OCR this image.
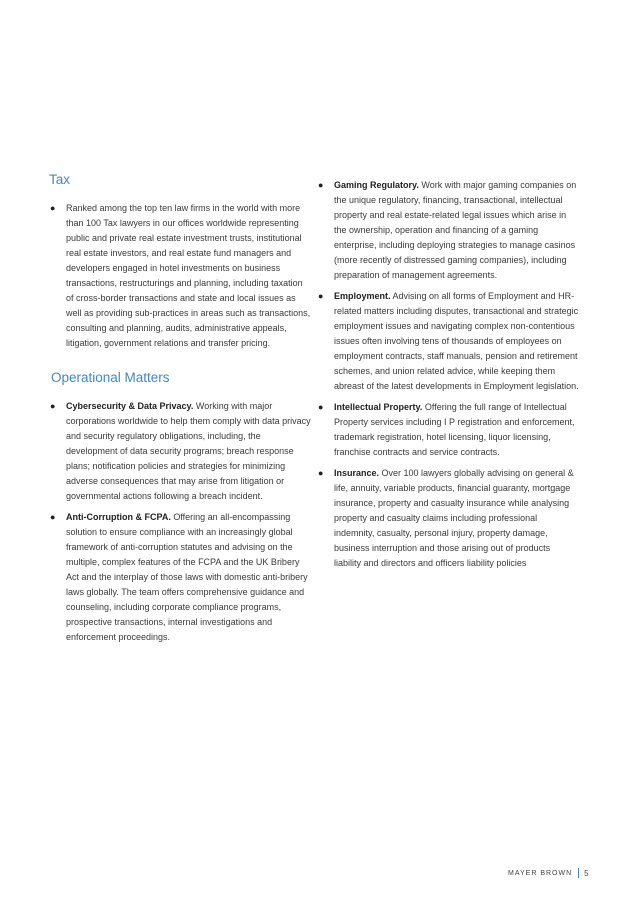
Tax
● Ranked among the top ten law firms in the world with more than 100 Tax lawyers in our offices worldwide representing public and private real estate investment trusts, institutional real estate investors, and real estate fund managers and developers engaged in hotel investments on business transactions, restructurings and planning, including taxation of cross-border transactions and state and local issues as well as providing sub-practices in areas such as transactions, consulting and planning, audits, administrative appeals, litigation, government relations and transfer pricing.
Operational Matters
● Cybersecurity & Data Privacy. Working with major corporations worldwide to help them comply with data privacy and security regulatory obligations, including, the development of data security programs; breach response plans; notification policies and strategies for minimizing adverse consequences that may arise from litigation or governmental actions following a breach incident.
● Anti-Corruption & FCPA. Offering an all-encompassing solution to ensure compliance with an increasingly global framework of anti-corruption statutes and advising on the multiple, complex features of the FCPA and the UK Bribery Act and the interplay of those laws with domestic anti-bribery laws globally. The team offers comprehensive guidance and counseling, including corporate compliance programs, prospective transactions, internal investigations and enforcement proceedings.
● Gaming Regulatory. Work with major gaming companies on the unique regulatory, financing, transactional, intellectual property and real estate-related legal issues which arise in the ownership, operation and financing of a gaming enterprise, including deploying strategies to manage casinos (more recently of distressed gaming companies), including preparation of management agreements.
● Employment. Advising on all forms of Employment and HR-related matters including disputes, transactional and strategic employment issues and navigating complex non-contentious issues often involving tens of thousands of employees on employment contracts, staff manuals, pension and retirement schemes, and union related advice, while keeping them abreast of the latest developments in Employment legislation.
● Intellectual Property. Offering the full range of Intellectual Property services including I P registration and enforcement, trademark registration, hotel licensing, liquor licensing, franchise contracts and service contracts.
● Insurance. Over 100 lawyers globally advising on general & life, annuity, variable products, financial guaranty, mortgage insurance, property and casualty insurance while analysing property and casualty claims including professional indemnity, casualty, personal injury, property damage, business interruption and those arising out of products liability and directors and officers liability policies
MAYER BROWN 5
